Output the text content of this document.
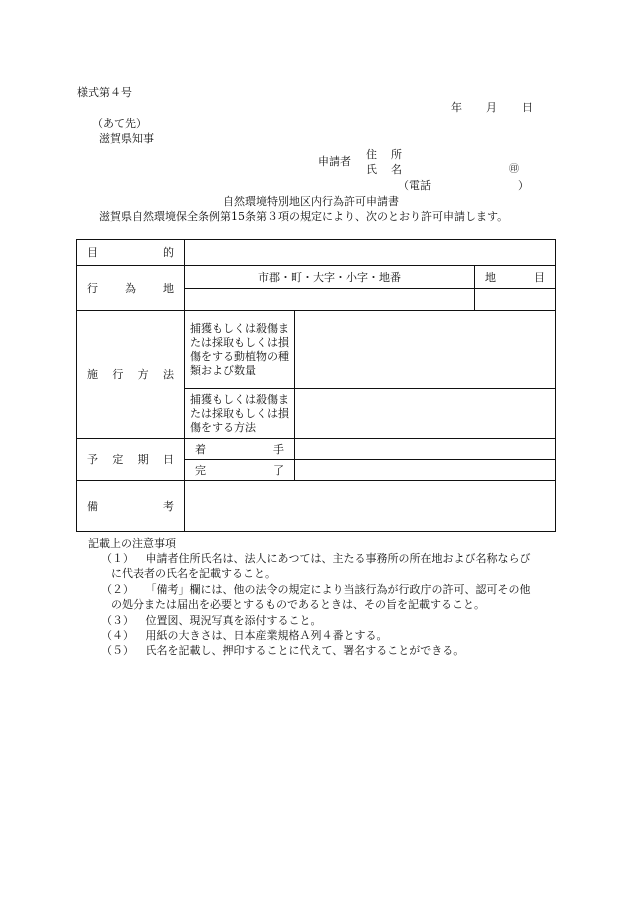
様式第４号
年 月 日
（あて先）
滋賀県知事
申請者
住 所
氏 名	㊞
（電話	）
自然環境特別地区内行為許可申請書
滋賀県自然環境保全条例第15条第３項の規定により、次のとおり許可申請します。
目 的			

行 為 地	市郡・町・大字・小字・地番		地 目

施 行 方 法	捕獲もしくは殺傷または採取もしくは損傷をする動植物の種類および数量		
	捕獲もしくは殺傷または採取もしくは損傷をする方法		

予 定 期 日	着 手		

	完 了		

備 考			

記載上の注意事項
（１） 申請者住所氏名は、法人にあつては、主たる事務所の所在地および名称ならび
に代表者の氏名を記載すること。
（２） 「備考」欄には、他の法令の規定により当該行為が行政庁の許可、認可その他
の処分または届出を必要とするものであるときは、その旨を記載すること。
（３） 位置図、現況写真を添付すること。
（４） 用紙の大きさは、日本産業規格Ａ列４番とする。
（５） 氏名を記載し、押印することに代えて、署名することができる。
